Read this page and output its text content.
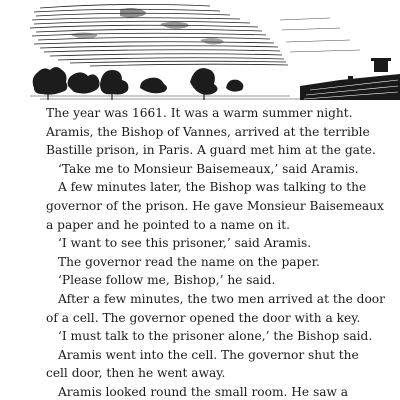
The year was 1661. It was a warm summer night.

Aramis, the Bishop of Vannes, arrived at the terrible

Bastille prison, in Paris. A guard met him at the gate.

‘Take me to Monsieur Baisemeaux,’ said Aramis.

A few minutes later, the Bishop was talking to the

governor of the prison. He gave Monsieur Baisemeaux

a paper and he pointed to a name on it.

‘I want to see this prisoner,’ said Aramis.

The governor read the name on the paper.

‘Please follow me, Bishop,’ he said.

After a few minutes, the two men arrived at the door

of a cell. The governor opened the door with a key.

‘I must talk to the prisoner alone,’ the Bishop said.

Aramis went into the cell. The governor shut the

cell door, then he went away.

Aramis looked round the small room. He saw a
